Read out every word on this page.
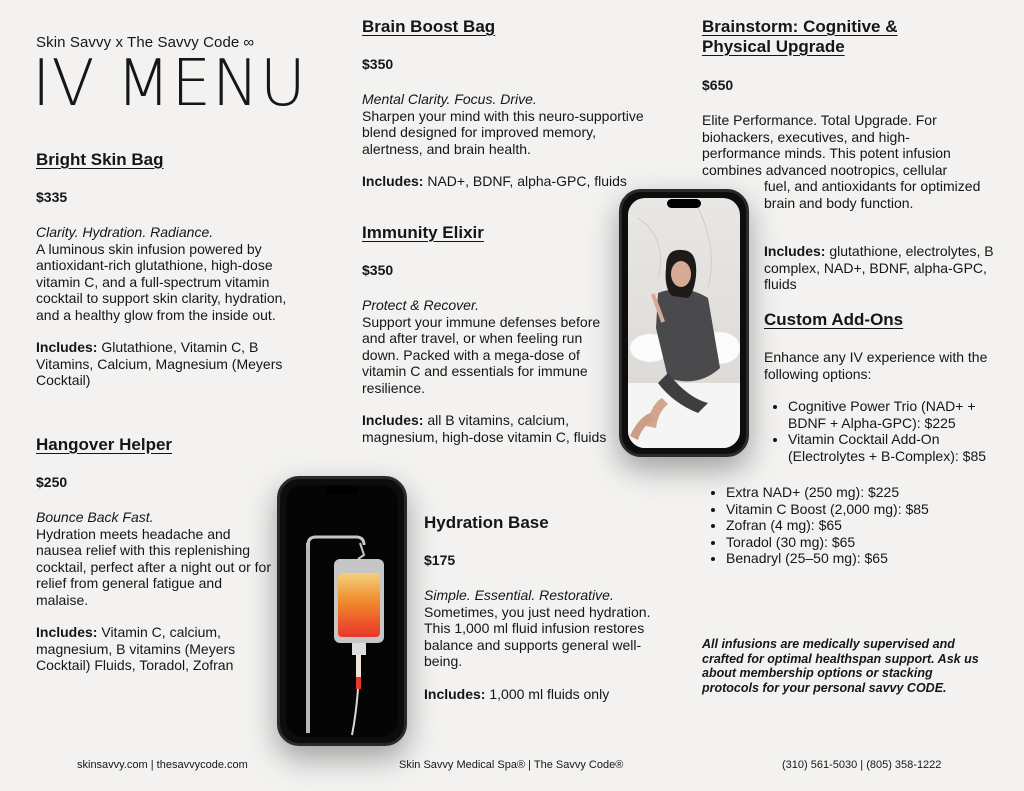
Skin Savvy x The Savvy Code ∞
IV MENU
Bright Skin Bag
$335
Clarity. Hydration. Radiance.
A luminous skin infusion powered by antioxidant-rich glutathione, high-dose vitamin C, and a full-spectrum vitamin cocktail to support skin clarity, hydration, and a healthy glow from the inside out.
Includes: Glutathione, Vitamin C, B Vitamins, Calcium, Magnesium (Meyers Cocktail)
Hangover Helper
$250
Bounce Back Fast.
Hydration meets headache and nausea relief with this replenishing cocktail, perfect after a night out or for relief from general fatigue and malaise.
Includes: Vitamin C, calcium, magnesium, B vitamins (Meyers Cocktail) Fluids, Toradol, Zofran
Brain Boost Bag
$350
Mental Clarity. Focus. Drive.
Sharpen your mind with this neuro-supportive blend designed for improved memory, alertness, and brain health.
Includes: NAD+, BDNF, alpha-GPC, fluids
Immunity Elixir
$350
Protect & Recover.
Support your immune defenses before and after travel, or when feeling run down. Packed with a mega-dose of vitamin C and essentials for immune resilience.
Includes: all B vitamins, calcium, magnesium, high-dose vitamin C, fluids
Hydration Base
$175
Simple. Essential. Restorative.
Sometimes, you just need hydration. This 1,000 ml fluid infusion restores balance and supports general well-being.
Includes: 1,000 ml fluids only
Brainstorm: Cognitive &
Physical Upgrade
$650
Elite Performance. Total Upgrade. For biohackers, executives, and high-performance minds. This potent infusion combines advanced nootropics, cellular
fuel, and antioxidants for optimized brain and body function.
Includes: glutathione, electrolytes, B complex, NAD+, BDNF, alpha-GPC, fluids
Custom Add-Ons
Enhance any IV experience with the following options:
• Cognitive Power Trio (NAD+ + BDNF + Alpha-GPC): $225
• Vitamin Cocktail Add-On (Electrolytes + B-Complex): $85
• Extra NAD+ (250 mg): $225
• Vitamin C Boost (2,000 mg): $85
• Zofran (4 mg): $65
• Toradol (30 mg): $65
• Benadryl (25–50 mg): $65
All infusions are medically supervised and crafted for optimal healthspan support. Ask us about membership options or stacking protocols for your personal savvy CODE.
skinsavvy.com | thesavvycode.com	Skin Savvy Medical Spa® | The Savvy Code®	(310) 561-5030 | (805) 358-1222
